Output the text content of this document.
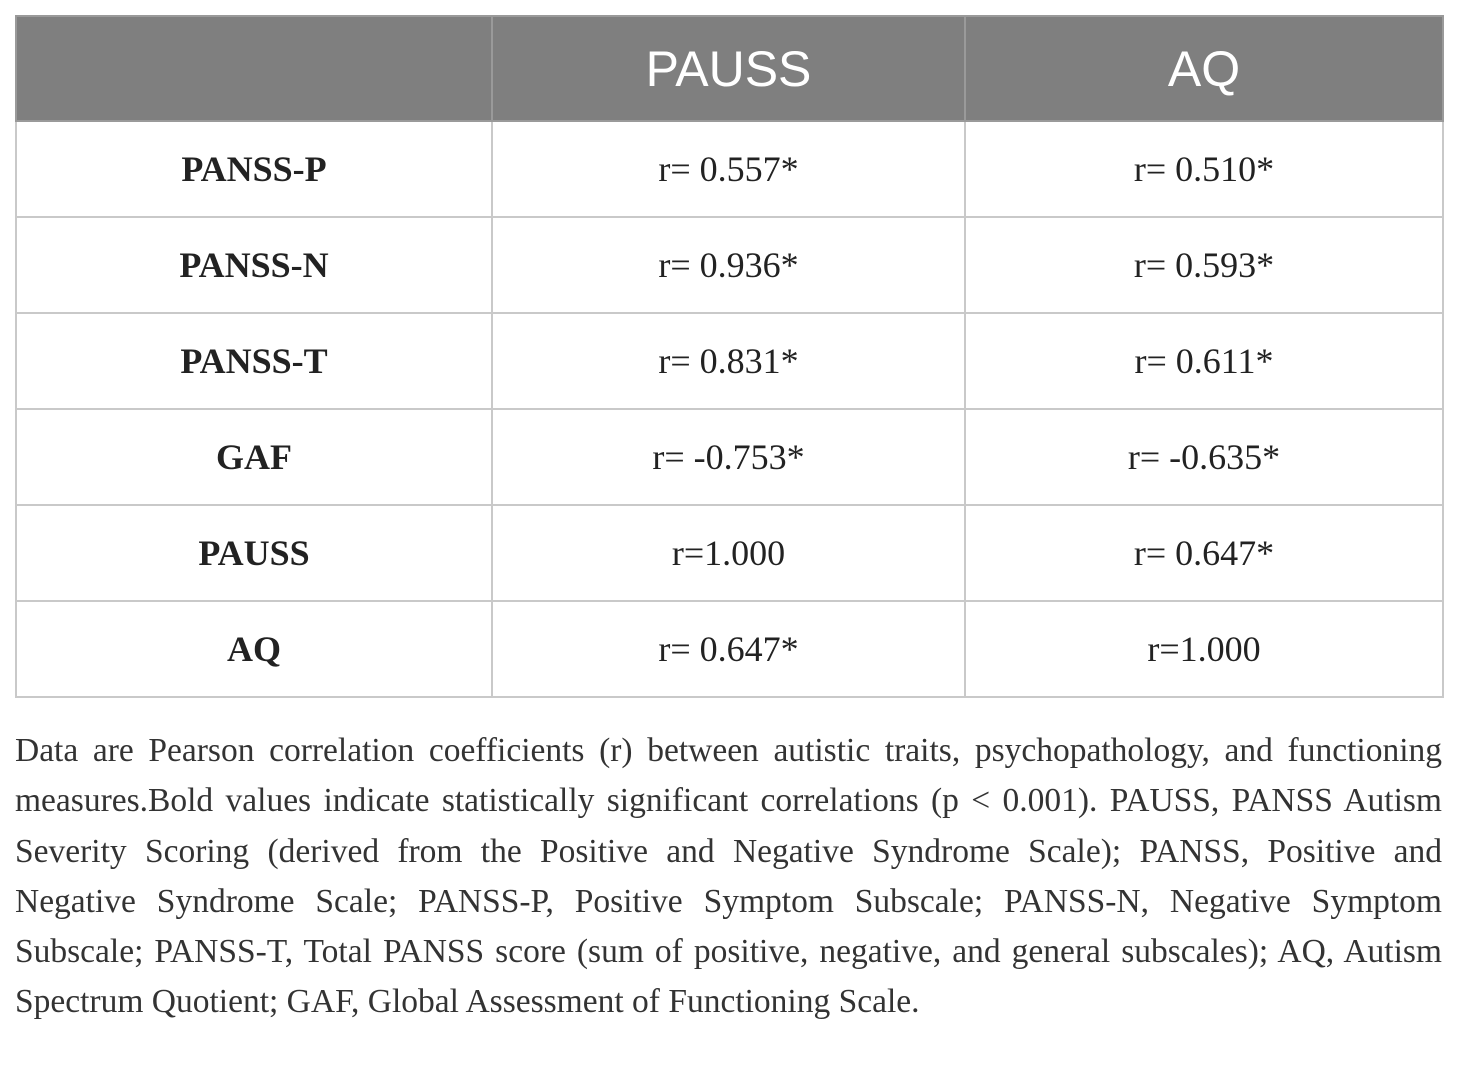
	PAUSS	AQ
PANSS-P	r= 0.557*	r= 0.510*
PANSS-N	r= 0.936*	r= 0.593*
PANSS-T	r= 0.831*	r= 0.611*
GAF	r= -0.753*	r= -0.635*
PAUSS	r=1.000	r= 0.647*
AQ	r= 0.647*	r=1.000

Data are Pearson correlation coefficients (r) between autistic traits, psychopathology, and functioning measures.Bold values indicate statistically significant correlations (p < 0.001). PAUSS, PANSS Autism Severity Scoring (derived from the Positive and Negative Syndrome Scale); PANSS, Positive and Negative Syndrome Scale; PANSS-P, Positive Symptom Subscale; PANSS-N, Negative Symptom Subscale; PANSS-T, Total PANSS score (sum of positive, negative, and general subscales); AQ, Autism Spectrum Quotient; GAF, Global Assessment of Functioning Scale.
